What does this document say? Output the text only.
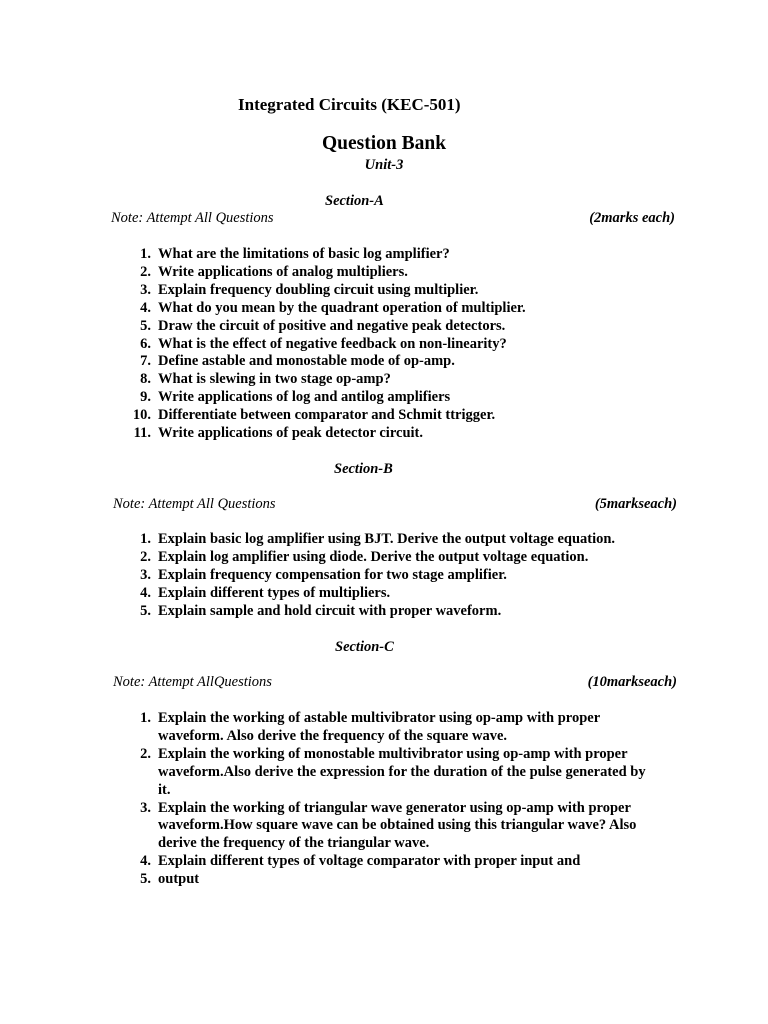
Integrated Circuits (KEC-501)
Question Bank
Unit-3
Section-A
Note: Attempt All Questions	(2marks each)
1. What are the limitations of basic log amplifier?
2. Write applications of analog multipliers.
3. Explain frequency doubling circuit using multiplier.
4. What do you mean by the quadrant operation of multiplier.
5. Draw the circuit of positive and negative peak detectors.
6. What is the effect of negative feedback on non-linearity?
7. Define astable and monostable mode of op-amp.
8. What is slewing in two stage op-amp?
9. Write applications of log and antilog amplifiers
10. Differentiate between comparator and Schmit ttrigger.
11. Write applications of peak detector circuit.
Section-B
Note: Attempt All Questions	(5markseach)
1. Explain basic log amplifier using BJT. Derive the output voltage equation.
2. Explain log amplifier using diode. Derive the output voltage equation.
3. Explain frequency compensation for two stage amplifier.
4. Explain different types of multipliers.
5. Explain sample and hold circuit with proper waveform.
Section-C
Note: Attempt AllQuestions	(10markseach)
1. Explain the working of astable multivibrator using op-amp with proper
waveform. Also derive the frequency of the square wave.
2. Explain the working of monostable multivibrator using op-amp with proper
waveform.Also derive the expression for the duration of the pulse generated by
it.
3. Explain the working of triangular wave generator using op-amp with proper
waveform.How square wave can be obtained using this triangular wave? Also
derive the frequency of the triangular wave.
4. Explain different types of voltage comparator with proper input and
5. output
